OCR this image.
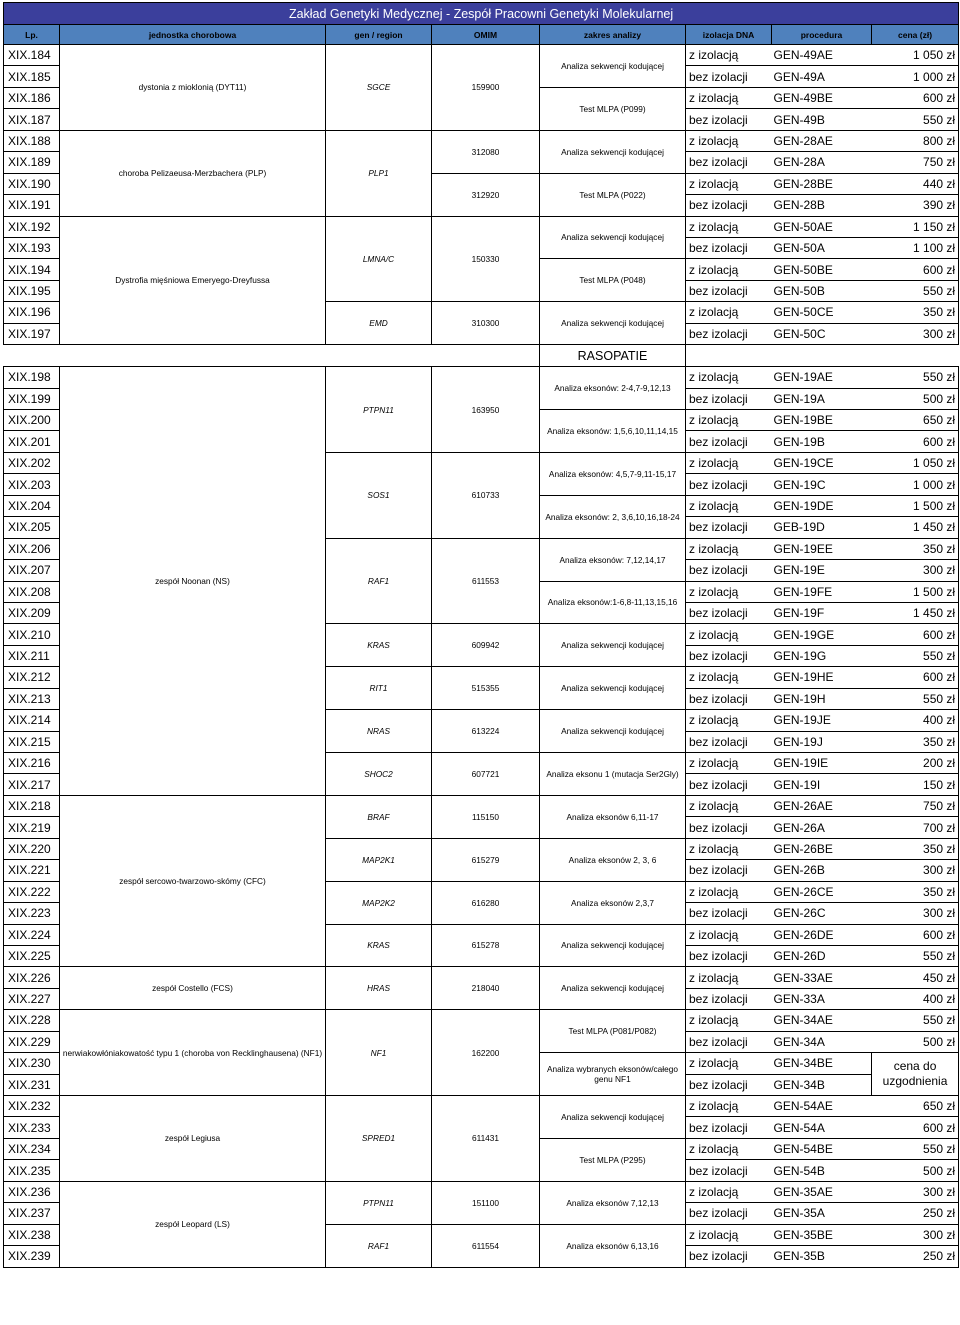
Zakład Genetyki Medycznej - Zespół Pracowni Genetyki Molekularnej							
Lp.	jednostka chorobowa	gen / region	OMIM	zakres analizy	izolacja DNA	procedura	cena (zł)
XIX.184	dystonia z mioklonią (DYT11)	SGCE	159900	Analiza sekwencji kodującej	z izolacją	GEN-49AE	1 050 zł
XIX.185					bez izolacji	GEN-49A	1 000 zł
XIX.186				Test MLPA (P099)	z izolacją	GEN-49BE	600 zł
XIX.187					bez izolacji	GEN-49B	550 zł
XIX.188	choroba Pelizaeusa-Merzbachera (PLP)	PLP1	312080	Analiza sekwencji kodującej	z izolacją	GEN-28AE	800 zł
XIX.189					bez izolacji	GEN-28A	750 zł
XIX.190			312920	Test MLPA (P022)	z izolacją	GEN-28BE	440 zł
XIX.191					bez izolacji	GEN-28B	390 zł
XIX.192	Dystrofia mięśniowa Emeryego-Dreyfussa	LMNA/C	150330	Analiza sekwencji kodującej	z izolacją	GEN-50AE	1 150 zł
XIX.193					bez izolacji	GEN-50A	1 100 zł
XIX.194				Test MLPA (P048)	z izolacją	GEN-50BE	600 zł
XIX.195					bez izolacji	GEN-50B	550 zł
XIX.196		EMD	310300	Analiza sekwencji kodującej	z izolacją	GEN-50CE	350 zł
XIX.197					bez izolacji	GEN-50C	300 zł
				RASOPATIE			
XIX.198	zespół Noonan (NS)	PTPN11	163950	Analiza eksonów: 2-4,7-9,12,13	z izolacją	GEN-19AE	550 zł
XIX.199					bez izolacji	GEN-19A	500 zł
XIX.200				Analiza eksonów: 1,5,6,10,11,14,15	z izolacją	GEN-19BE	650 zł
XIX.201					bez izolacji	GEN-19B	600 zł
XIX.202		SOS1	610733	Analiza eksonów: 4,5,7-9,11-15,17	z izolacją	GEN-19CE	1 050 zł
XIX.203					bez izolacji	GEN-19C	1 000 zł
XIX.204				Analiza eksonów: 2, 3,6,10,16,18-24	z izolacją	GEN-19DE	1 500 zł
XIX.205					bez izolacji	GEB-19D	1 450 zł
XIX.206		RAF1	611553	Analiza eksonów: 7,12,14,17	z izolacją	GEN-19EE	350 zł
XIX.207					bez izolacji	GEN-19E	300 zł
XIX.208				Analiza eksonów:1-6,8-11,13,15,16	z izolacją	GEN-19FE	1 500 zł
XIX.209					bez izolacji	GEN-19F	1 450 zł
XIX.210		KRAS	609942	Analiza sekwencji kodującej	z izolacją	GEN-19GE	600 zł
XIX.211					bez izolacji	GEN-19G	550 zł
XIX.212		RIT1	515355	Analiza sekwencji kodującej	z izolacją	GEN-19HE	600 zł
XIX.213					bez izolacji	GEN-19H	550 zł
XIX.214		NRAS	613224	Analiza sekwencji kodującej	z izolacją	GEN-19JE	400 zł
XIX.215					bez izolacji	GEN-19J	350 zł
XIX.216		SHOC2	607721	Analiza eksonu 1 (mutacja Ser2Gly)	z izolacją	GEN-19IE	200 zł
XIX.217					bez izolacji	GEN-19I	150 zł
XIX.218	zespół sercowo-twarzowo-skómy (CFC)	BRAF	115150	Analiza eksonów 6,11-17	z izolacją	GEN-26AE	750 zł
XIX.219					bez izolacji	GEN-26A	700 zł
XIX.220		MAP2K1	615279	Analiza eksonów 2, 3, 6	z izolacją	GEN-26BE	350 zł
XIX.221					bez izolacji	GEN-26B	300 zł
XIX.222		MAP2K2	616280	Analiza eksonów 2,3,7	z izolacją	GEN-26CE	350 zł
XIX.223					bez izolacji	GEN-26C	300 zł
XIX.224		KRAS	615278	Analiza sekwencji kodującej	z izolacją	GEN-26DE	600 zł
XIX.225					bez izolacji	GEN-26D	550 zł
XIX.226	zespół Costello (FCS)	HRAS	218040	Analiza sekwencji kodującej	z izolacją	GEN-33AE	450 zł
XIX.227					bez izolacji	GEN-33A	400 zł
XIX.228	nerwiakowłóniakowatość typu 1 (choroba von Recklinghausena) (NF1)	NF1	162200	Test MLPA (P081/P082)	z izolacją	GEN-34AE	550 zł
XIX.229					bez izolacji	GEN-34A	500 zł
XIX.230				Analiza wybranych eksonów/całego genu NF1	z izolacją	GEN-34BE	cena do uzgodnienia
XIX.231					bez izolacji	GEN-34B	
XIX.232	zespół Legiusa	SPRED1	611431	Analiza sekwencji kodującej	z izolacją	GEN-54AE	650 zł
XIX.233					bez izolacji	GEN-54A	600 zł
XIX.234				Test MLPA (P295)	z izolacją	GEN-54BE	550 zł
XIX.235					bez izolacji	GEN-54B	500 zł
XIX.236	zespół Leopard (LS)	PTPN11	151100	Analiza eksonów 7,12,13	z izolacją	GEN-35AE	300 zł
XIX.237					bez izolacji	GEN-35A	250 zł
XIX.238		RAF1	611554	Analiza eksonów 6,13,16	z izolacją	GEN-35BE	300 zł
XIX.239					bez izolacji	GEN-35B	250 zł
